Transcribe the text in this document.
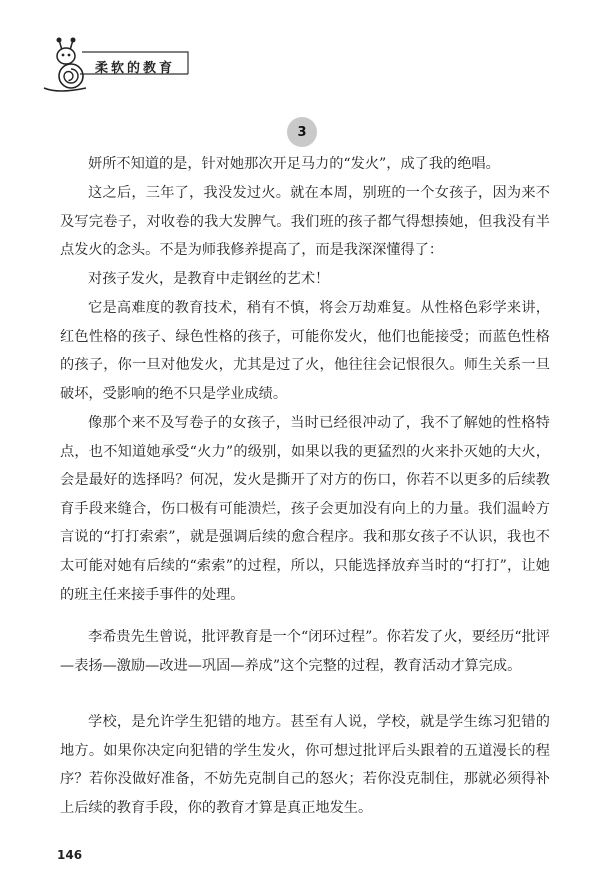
柔软的教育
3

妍所不知道的是，针对她那次开足马力的“发火”，成了我的绝唱。

这之后，三年了，我没发过火。就在本周，别班的一个女孩子，因为来不及写完卷子，对收卷的我大发脾气。我们班的孩子都气得想揍她，但我没有半点发火的念头。不是为师我修养提高了，而是我深深懂得了：

对孩子发火，是教育中走钢丝的艺术！

它是高难度的教育技术，稍有不慎，将会万劫难复。从性格色彩学来讲，红色性格的孩子、绿色性格的孩子，可能你发火，他们也能接受；而蓝色性格的孩子，你一旦对他发火，尤其是过了火，他往往会记恨很久。师生关系一旦破坏，受影响的绝不只是学业成绩。

像那个来不及写卷子的女孩子，当时已经很冲动了，我不了解她的性格特点，也不知道她承受“火力”的级别，如果以我的更猛烈的火来扑灭她的大火，会是最好的选择吗？何况，发火是撕开了对方的伤口，你若不以更多的后续教育手段来缝合，伤口极有可能溃烂，孩子会更加没有向上的力量。我们温岭方言说的“打打索索”，就是强调后续的愈合程序。我和那女孩子不认识，我也不太可能对她有后续的“索索”的过程，所以，只能选择放弃当时的“打打”，让她的班主任来接手事件的处理。

李希贵先生曾说，批评教育是一个“闭环过程”。你若发了火，要经历“批评—表扬—激励—改进—巩固—养成”这个完整的过程，教育活动才算完成。

学校，是允许学生犯错的地方。甚至有人说，学校，就是学生练习犯错的地方。如果你决定向犯错的学生发火，你可想过批评后头跟着的五道漫长的程序？若你没做好准备，不妨先克制自己的怒火；若你没克制住，那就必须得补上后续的教育手段，你的教育才算是真正地发生。

146
